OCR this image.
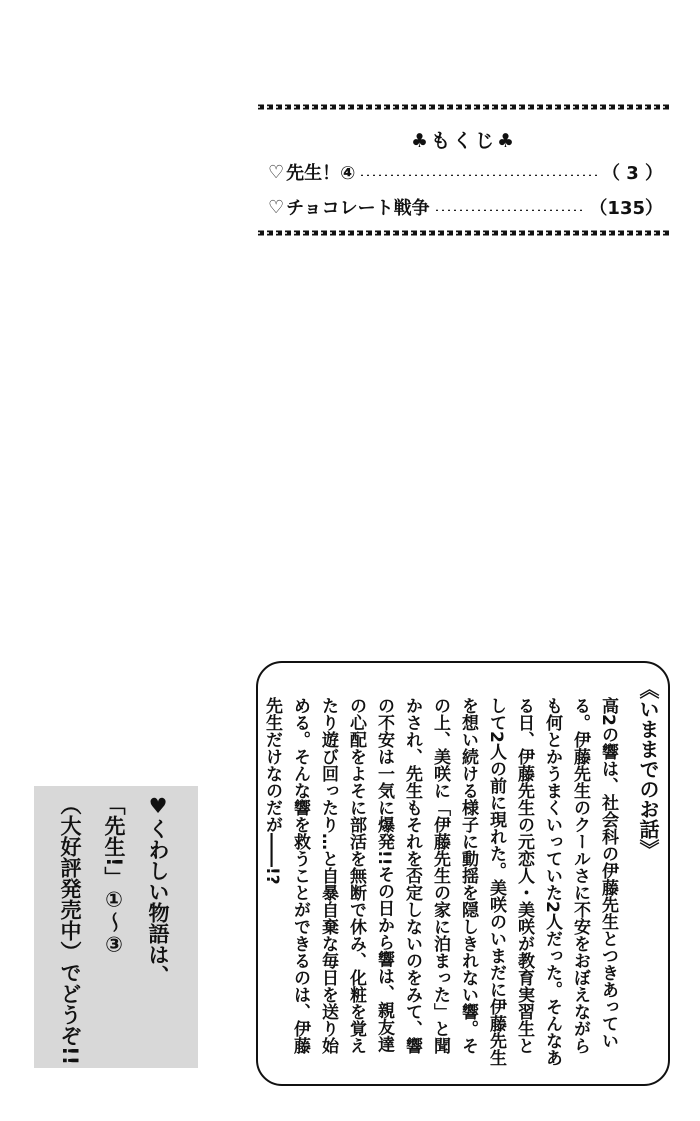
♣もくじ♣
♡ 先生！④	（ 3 ）
♡ チョコレート戦争	（135）
《いままでのお話》
高2の響は、社会科の伊藤先生とつきあっている。伊藤先生のクールさに不安をおぼえながらも何とかうまくいっていた2人だった。そんなある日、伊藤先生の元恋人・美咲が教育実習生として2人の前に現れた。美咲のいまだに伊藤先生を想い続ける様子に動揺を隠しきれない響。その上、美咲に「伊藤先生の家に泊まった」と聞かされ、先生もそれを否定しないのをみて、響の不安は一気に爆発!!その日から響は、親友達の心配をよそに部活を無断で休み、化粧を覚えたり遊び回ったり…と自暴自棄な毎日を送り始める。そんな響を救うことができるのは、伊藤先生だけなのだが――!?
♥くわしい物語は、
「先生!」①〜③
（大好評発売中）でどうぞ!!
